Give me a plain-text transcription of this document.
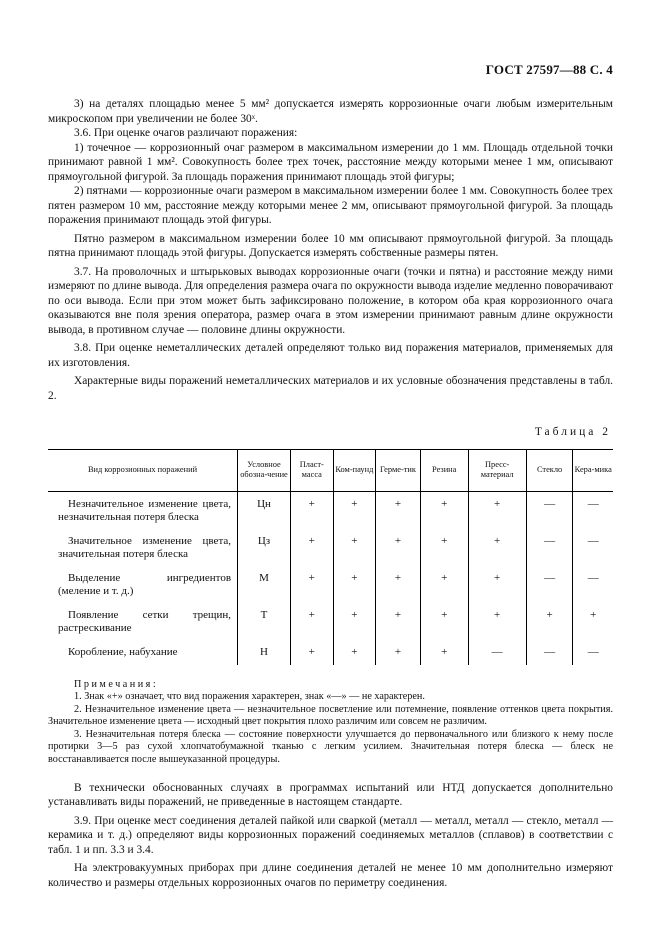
ГОСТ 27597—88 С. 4

3) на деталях площадью менее 5 мм² допускается измерять коррозионные очаги любым измерительным микроскопом при увеличении не более 30ˣ.

3.6. При оценке очагов различают поражения:

1) точечное — коррозионный очаг размером в максимальном измерении до 1 мм. Площадь отдельной точки принимают равной 1 мм². Совокупность более трех точек, расстояние между которыми менее 1 мм, описывают прямоугольной фигурой. За площадь поражения принимают площадь этой фигуры;

2) пятнами — коррозионные очаги размером в максимальном измерении более 1 мм. Совокупность более трех пятен размером 10 мм, расстояние между которыми менее 2 мм, описывают прямоугольной фигурой. За площадь поражения принимают площадь этой фигуры.

Пятно размером в максимальном измерении более 10 мм описывают прямоугольной фигурой. За площадь пятна принимают площадь этой фигуры. Допускается измерять собственные размеры пятен.

3.7. На проволочных и штырьковых выводах коррозионные очаги (точки и пятна) и расстояние между ними измеряют по длине вывода. Для определения размера очага по окружности вывода изделие медленно поворачивают по оси вывода. Если при этом может быть зафиксировано положение, в котором оба края коррозионного очага оказываются вне поля зрения оператора, размер очага в этом измерении принимают равным длине окружности вывода, в противном случае — половине длины окружности.

3.8. При оценке неметаллических деталей определяют только вид поражения материалов, применяемых для их изготовления.

Характерные виды поражений неметаллических материалов и их условные обозначения представлены в табл. 2.

Таблица 2
Вид коррозионных поражений	Условное обозна-чение	Пласт-масса	Ком-паунд	Герме-тик	Резина	Пресс-материал	Стекло	Кера-мика

Незначительное изменение цвета, незначительная потеря блеска	Цн	+	+	+	+	+	—	—

Значительное изменение цвета, значительная потеря блеска	Цз	+	+	+	+	+	—	—

Выделение ингредиентов (меление и т. д.)	М	+	+	+	+	+	—	—

Появление сетки трещин, растрескивание	Т	+	+	+	+	+	+	+

Коробление, набухание	Н	+	+	+	+	—	—	—

Примечания:

1. Знак «+» означает, что вид поражения характерен, знак «—» — не характерен.

2. Незначительное изменение цвета — незначительное посветление или потемнение, появление оттенков цвета покрытия. Значительное изменение цвета — исходный цвет покрытия плохо различим или совсем не различим.

3. Незначительная потеря блеска — состояние поверхности улучшается до первоначального или близкого к нему после протирки 3—5 раз сухой хлопчатобумажной тканью с легким усилием. Значительная потеря блеска — блеск не восстанавливается после вышеуказанной процедуры.

В технически обоснованных случаях в программах испытаний или НТД допускается дополнительно устанавливать виды поражений, не приведенные в настоящем стандарте.

3.9. При оценке мест соединения деталей пайкой или сваркой (металл — металл, металл — стекло, металл — керамика и т. д.) определяют виды коррозионных поражений соединяемых металлов (сплавов) в соответствии с табл. 1 и пп. 3.3 и 3.4.

На электровакуумных приборах при длине соединения деталей не менее 10 мм дополнительно измеряют количество и размеры отдельных коррозионных очагов по периметру соединения.
